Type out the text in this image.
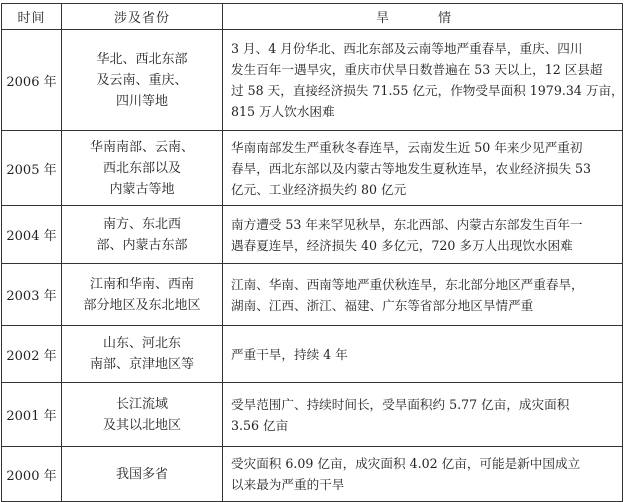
时间	涉及省份	旱　情
2006 年	华北、西北东部
及云南、重庆、
四川等地	3 月、4 月份华北、西北东部及云南等地严重春旱，重庆、四川
发生百年一遇旱灾，重庆市伏旱日数普遍在 53 天以上，12 区县超
过 58 天，直接经济损失 71.55 亿元，作物受旱面积 1979.34 万亩，
815 万人饮水困难

2005 年	华南南部、云南、
西北东部以及
内蒙古等地	华南南部发生严重秋冬春连旱，云南发生近 50 年来少见严重初
春旱，西北东部以及内蒙古等地发生夏秋连旱，农业经济损失 53
亿元、工业经济损失约 80 亿元

2004 年	南方、东北西
部、内蒙古东部	南方遭受 53 年来罕见秋旱，东北西部、内蒙古东部发生百年一
遇春夏连旱，经济损失 40 多亿元，720 多万人出现饮水困难

2003 年	江南和华南、西南
部分地区及东北地区	江南、华南、西南等地严重伏秋连旱，东北部分地区严重春旱，
湖南、江西、浙江、福建、广东等省部分地区旱情严重

2002 年	山东、河北东
南部、京津地区等	严重干旱，持续 4 年

2001 年	长江流域
及其以北地区	受旱范围广、持续时间长，受旱面积约 5.77 亿亩，成灾面积
3.56 亿亩

2000 年	我国多省	受灾面积 6.09 亿亩，成灾面积 4.02 亿亩，可能是新中国成立
以来最为严重的干旱
